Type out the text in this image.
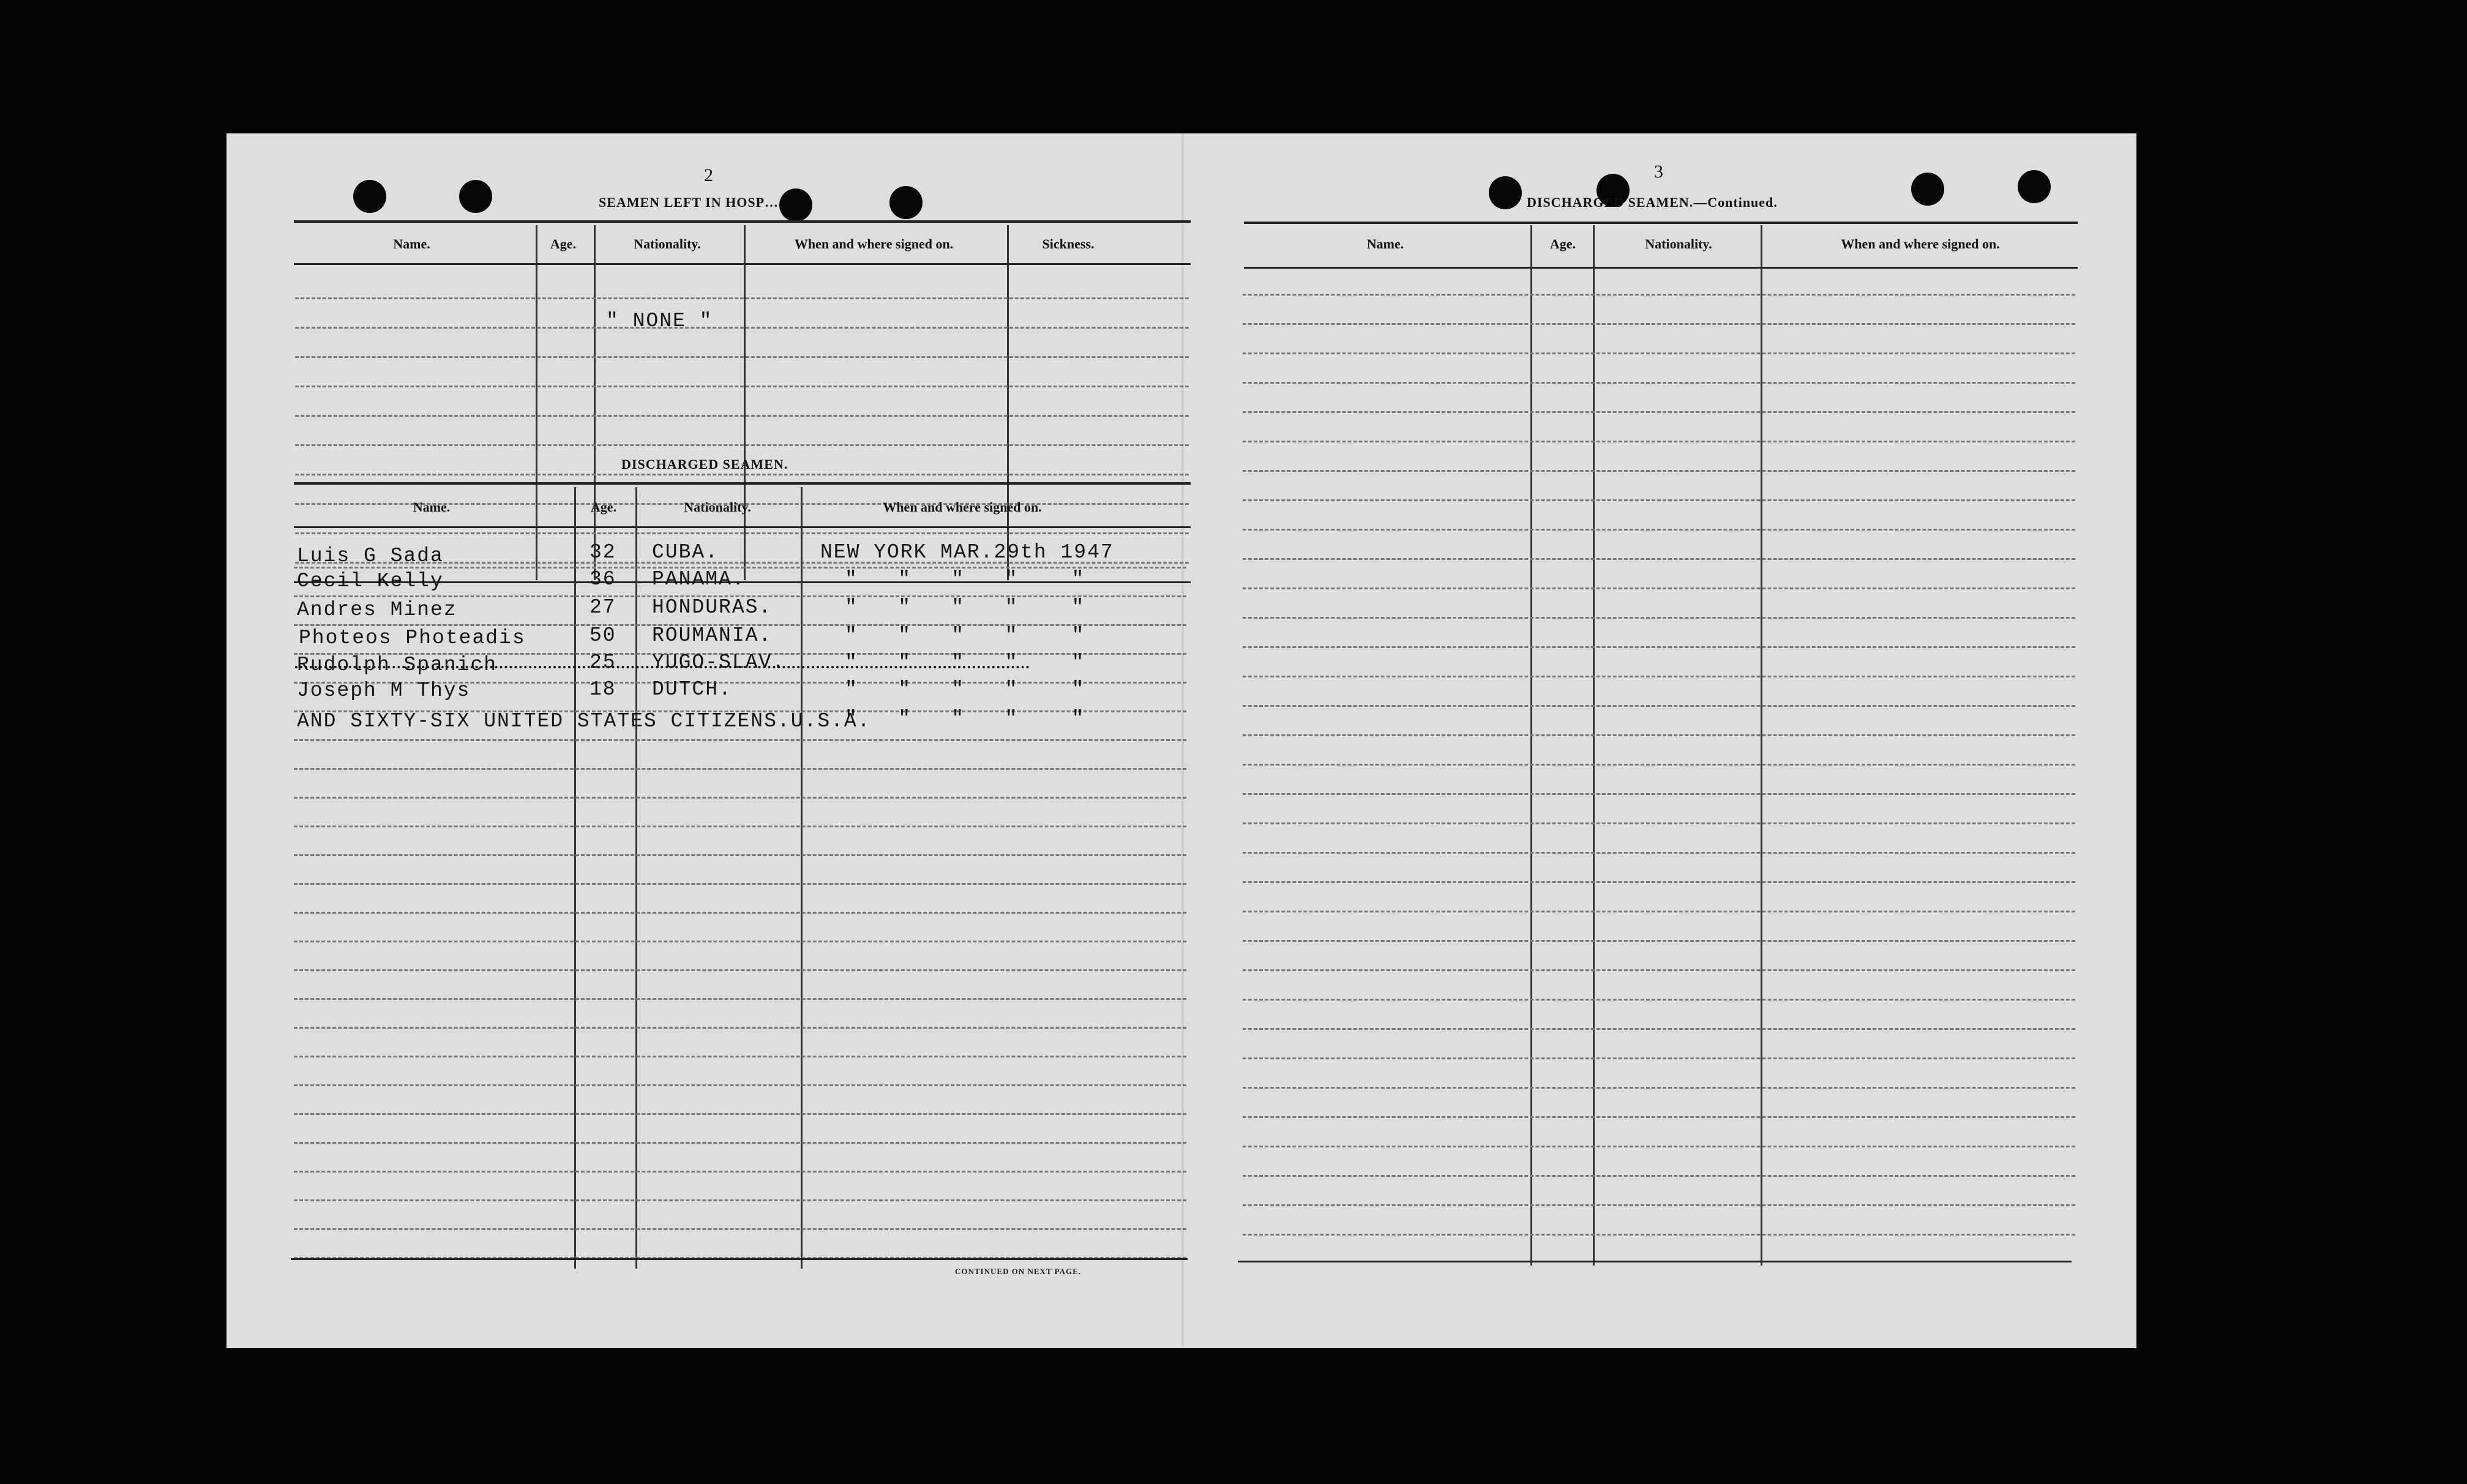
2
SEAMEN LEFT IN HOSP…
Name.	Age.	Nationality.	When and where signed on.	Sickness.
" NONE "
DISCHARGED SEAMEN.
Name.	Age.	Nationality.	When and where signed on.
Luis G Sada	32 CUBA.	NEW YORK MAR.29th 1947
Cecil Kelly	36 PANAMA.	"   "   "   "    "
Andres Minez	27 HONDURAS.	"   "   "   "    "
Photeos Photeadis	50 ROUMANIA.	"   "   "   "    "
Rudolph Spanich	25 YUGO-SLAV.	"   "   "   "    "
Joseph M Thys	18 DUTCH.	"   "   "   "    "
AND SIXTY-SIX UNITED STATES CITIZENS.U.S.A.
"   "   "   "    "
CONTINUED ON NEXT PAGE.
3
DISCHARGED SEAMEN.—Continued.
Name.	Age.	Nationality.	When and where signed on.
